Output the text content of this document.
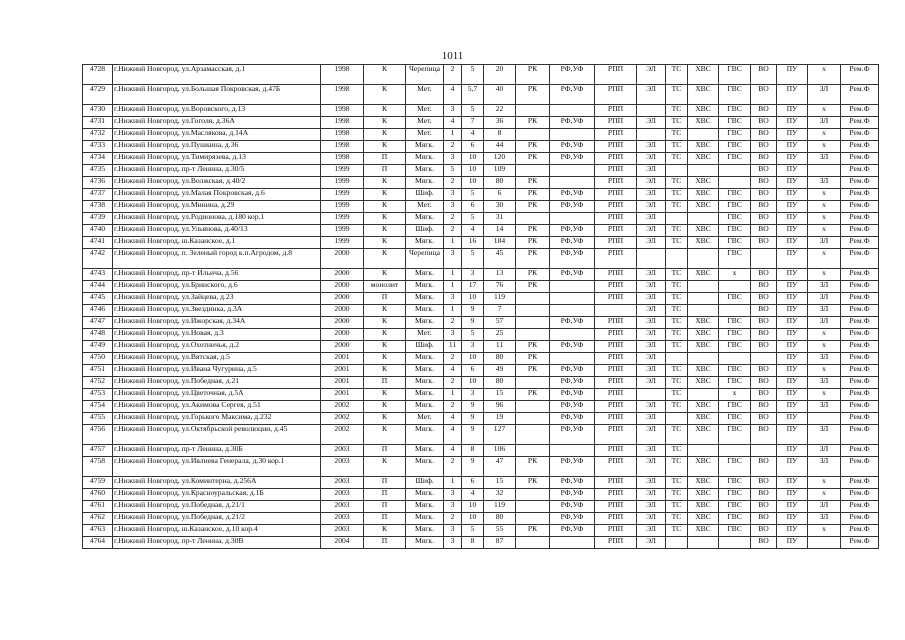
1011
4728	г.Нижний Новгород, ул.Арзамасская, д.1	1998	К	Черепица	2	5	20	РК	РФ,УФ	РПП	ЭЛ	ТС	ХВС	ГВС	ВО	ПУ	х	Рем.Ф
4729	г.Нижний Новгород, ул.Большая Покровская, д.47Б	1998	К	Мет.	4	5,7	40	РК	РФ,УФ	РПП	ЭЛ	ТС	ХВС	ГВС	ВО	ПУ	ЗЛ	Рем.Ф
4730	г.Нижний Новгород, ул.Воровского, д.13	1998	К	Мет.	3	5	22			РПП		ТС	ХВС	ГВС	ВО	ПУ	х	Рем.Ф
4731	г.Нижний Новгород, ул.Гоголя, д.36А	1998	К	Мет.	4	7	36	РК	РФ,УФ	РПП	ЭЛ	ТС	ХВС	ГВС	ВО	ПУ	ЗЛ	Рем.Ф
4732	г.Нижний Новгород, ул.Маслякова, д.14А	1998	К	Мет.	1	4	8			РПП		ТС		ГВС	ВО	ПУ	х	Рем.Ф
4733	г.Нижний Новгород, ул.Пушкина, д.36	1998	К	Мягк.	2	6	44	РК	РФ,УФ	РПП	ЭЛ	ТС	ХВС	ГВС	ВО	ПУ	х	Рем.Ф
4734	г.Нижний Новгород, ул.Тимирязева, д.13	1998	П	Мягк.	3	10	120	РК	РФ,УФ	РПП	ЭЛ	ТС	ХВС	ГВС	ВО	ПУ	ЗЛ	Рем.Ф
4735	г.Нижний Новгород, пр-т Ленина, д.30/5	1999	П	Мягк.	5	10	109			РПП	ЭЛ				ВО	ПУ		Рем.Ф
4736	г.Нижний Новгород, ул.Волжская, д.40/2	1999	К	Мягк.	2	10	80	РК		РПП	ЭЛ	ТС	ХВС		ВО	ПУ	ЗЛ	Рем.Ф
4737	г.Нижний Новгород, ул.Малая Покровская, д.6	1999	К	Шиф.	3	5	6	РК	РФ,УФ	РПП	ЭЛ	ТС	ХВС	ГВС	ВО	ПУ	х	Рем.Ф
4738	г.Нижний Новгород, ул.Минина, д.29	1999	К	Мет.	3	6	30	РК	РФ,УФ	РПП	ЭЛ	ТС	ХВС	ГВС	ВО	ПУ	х	Рем.Ф
4739	г.Нижний Новгород, ул.Родионова, д.180 кор.1	1999	К	Мягк.	2	5	31			РПП	ЭЛ			ГВС	ВО	ПУ	х	Рем.Ф
4740	г.Нижний Новгород, ул.Ульянова, д.40/13	1999	К	Шиф.	2	4	14	РК	РФ,УФ	РПП	ЭЛ	ТС	ХВС	ГВС	ВО	ПУ	х	Рем.Ф
4741	г.Нижний Новгород, ш.Казанское, д.1	1999	К	Мягк.	1	16	184	РК	РФ,УФ	РПП	ЭЛ	ТС	ХВС	ГВС	ВО	ПУ	ЗЛ	Рем.Ф
4742	г.Нижний Новгород, п. Зеленый город к.п.Агродом, д.8	2000	К	Черепица	3	5	45	РК	РФ,УФ	РПП				ГВС		ПУ	х	Рем.Ф
4743	г.Нижний Новгород, пр-т Ильича, д.56	2000	К	Мягк.	1	3	13	РК	РФ,УФ	РПП	ЭЛ	ТС	ХВС	х	ВО	ПУ	х	Рем.Ф
4744	г.Нижний Новгород, ул.Бринского, д.6	2000	монолит	Мягк.	1	17	76	РК		РПП	ЭЛ	ТС			ВО	ПУ	ЗЛ	Рем.Ф
4745	г.Нижний Новгород, ул.Зайцева, д.23	2000	П	Мягк.	3	10	119			РПП	ЭЛ	ТС		ГВС	ВО	ПУ	ЗЛ	Рем.Ф
4746	г.Нижний Новгород, ул.Звездинка, д.3А	2000	К	Мягк.	1	9	7				ЭЛ	ТС			ВО	ПУ	ЗЛ	Рем.Ф
4747	г.Нижний Новгород, ул.Ижорская, д.34А	2000	К	Мягк.	2	9	57		РФ,УФ	РПП	ЭЛ	ТС	ХВС	ГВС	ВО	ПУ	ЗЛ	Рем.Ф
4748	г.Нижний Новгород, ул.Новая, д.3	2000	К	Мет.	3	5	25			РПП	ЭЛ	ТС	ХВС	ГВС	ВО	ПУ	х	Рем.Ф
4749	г.Нижний Новгород, ул.Охотничья, д.2	2000	К	Шиф.	11	3	11	РК	РФ,УФ	РПП	ЭЛ	ТС	ХВС	ГВС	ВО	ПУ	х	Рем.Ф
4750	г.Нижний Новгород, ул.Вятская, д.5	2001	К	Мягк.	2	10	80	РК		РПП	ЭЛ					ПУ	ЗЛ	Рем.Ф
4751	г.Нижний Новгород, ул.Ивана Чугурина, д.5	2001	К	Мягк.	4	6	49	РК	РФ,УФ	РПП	ЭЛ	ТС	ХВС	ГВС	ВО	ПУ	х	Рем.Ф
4752	г.Нижний Новгород, ул.Победная, д.21	2001	П	Мягк.	2	10	80		РФ,УФ	РПП	ЭЛ	ТС	ХВС	ГВС	ВО	ПУ	ЗЛ	Рем.Ф
4753	г.Нижний Новгород, ул.Цветочная, д.5А	2001	К	Мягк.	1	3	15	РК	РФ,УФ	РПП		ТС		х	ВО	ПУ	х	Рем.Ф
4754	г.Нижний Новгород, ул.Акимова Сергея, д.51	2002	К	Мягк.	2	9	96		РФ,УФ	РПП	ЭЛ	ТС	ХВС	ГВС	ВО	ПУ	ЗЛ	Рем.Ф
4755	г.Нижний Новгород, ул.Горького Максима, д.232	2002	К	Мет.	4	9	19		РФ,УФ	РПП	ЭЛ		ХВС	ГВС	ВО	ПУ		Рем.Ф
4756	г.Нижний Новгород, ул.Октябрьской революции, д.45	2002	К	Мягк.	4	9	127		РФ,УФ	РПП	ЭЛ	ТС	ХВС	ГВС	ВО	ПУ	ЗЛ	Рем.Ф
4757	г.Нижний Новгород, пр-т Ленина, д.30Б	2003	П	Мягк.	4	8	106			РПП	ЭЛ	ТС				ПУ	ЗЛ	Рем.Ф
4758	г.Нижний Новгород, ул.Ивлиева Генерала, д.30 кор.1	2003	К	Мягк.	2	9	47	РК	РФ,УФ	РПП	ЭЛ	ТС	ХВС	ГВС	ВО	ПУ	ЗЛ	Рем.Ф
4759	г.Нижний Новгород, ул.Коминтерна, д.256А	2003	П	Шиф.	1	6	15	РК	РФ,УФ	РПП	ЭЛ	ТС	ХВС	ГВС	ВО	ПУ	х	Рем.Ф
4760	г.Нижний Новгород, ул.Красноуральская, д.1Б	2003	П	Мягк.	3	4	32		РФ,УФ	РПП	ЭЛ	ТС	ХВС	ГВС	ВО	ПУ	х	Рем.Ф
4761	г.Нижний Новгород, ул.Победная, д.21/1	2003	П	Мягк.	3	10	119		РФ,УФ	РПП	ЭЛ	ТС	ХВС	ГВС	ВО	ПУ	ЗЛ	Рем.Ф
4762	г.Нижний Новгород, ул.Победная, д.21/2	2003	П	Мягк.	2	10	80		РФ,УФ	РПП	ЭЛ	ТС	ХВС	ГВС	ВО	ПУ	ЗЛ	Рем.Ф
4763	г.Нижний Новгород, ш.Казанское, д.10 кор.4	2003	К	Мягк.	3	5	55	РК	РФ,УФ	РПП	ЭЛ	ТС	ХВС	ГВС	ВО	ПУ	х	Рем.Ф
4764	г.Нижний Новгород, пр-т Ленина, д.30В	2004	П	Мягк.	3	8	87			РПП	ЭЛ				ВО	ПУ		Рем.Ф
